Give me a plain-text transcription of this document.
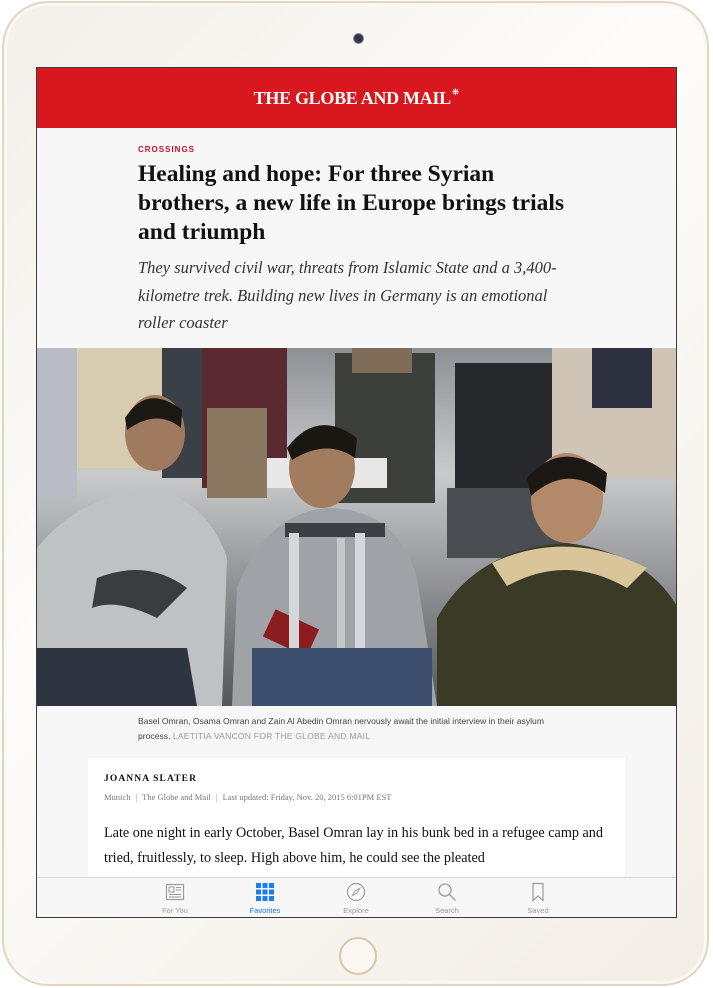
THE GLOBE AND MAIL ❋
CROSSINGS
Healing and hope: For three Syrian brothers, a new life in Europe brings trials and triumph

They survived civil war, threats from Islamic State and a 3,400-kilometre trek. Building new lives in Germany is an emotional roller coaster

Basel Omran, Osama Omran and Zain Al Abedin Omran nervously await the initial interview in their asylum process. LAETITIA VANCON FOR THE GLOBE AND MAIL

JOANNA SLATER
Munich | The Globe and Mail | Last updated: Friday, Nov. 20, 2015 6:01PM EST

Late one night in early October, Basel Omran lay in his bunk bed in a refugee camp and tried, fruitlessly, to sleep. High above him, he could see the pleated

For You	Favorites	Explore	Search	Saved
